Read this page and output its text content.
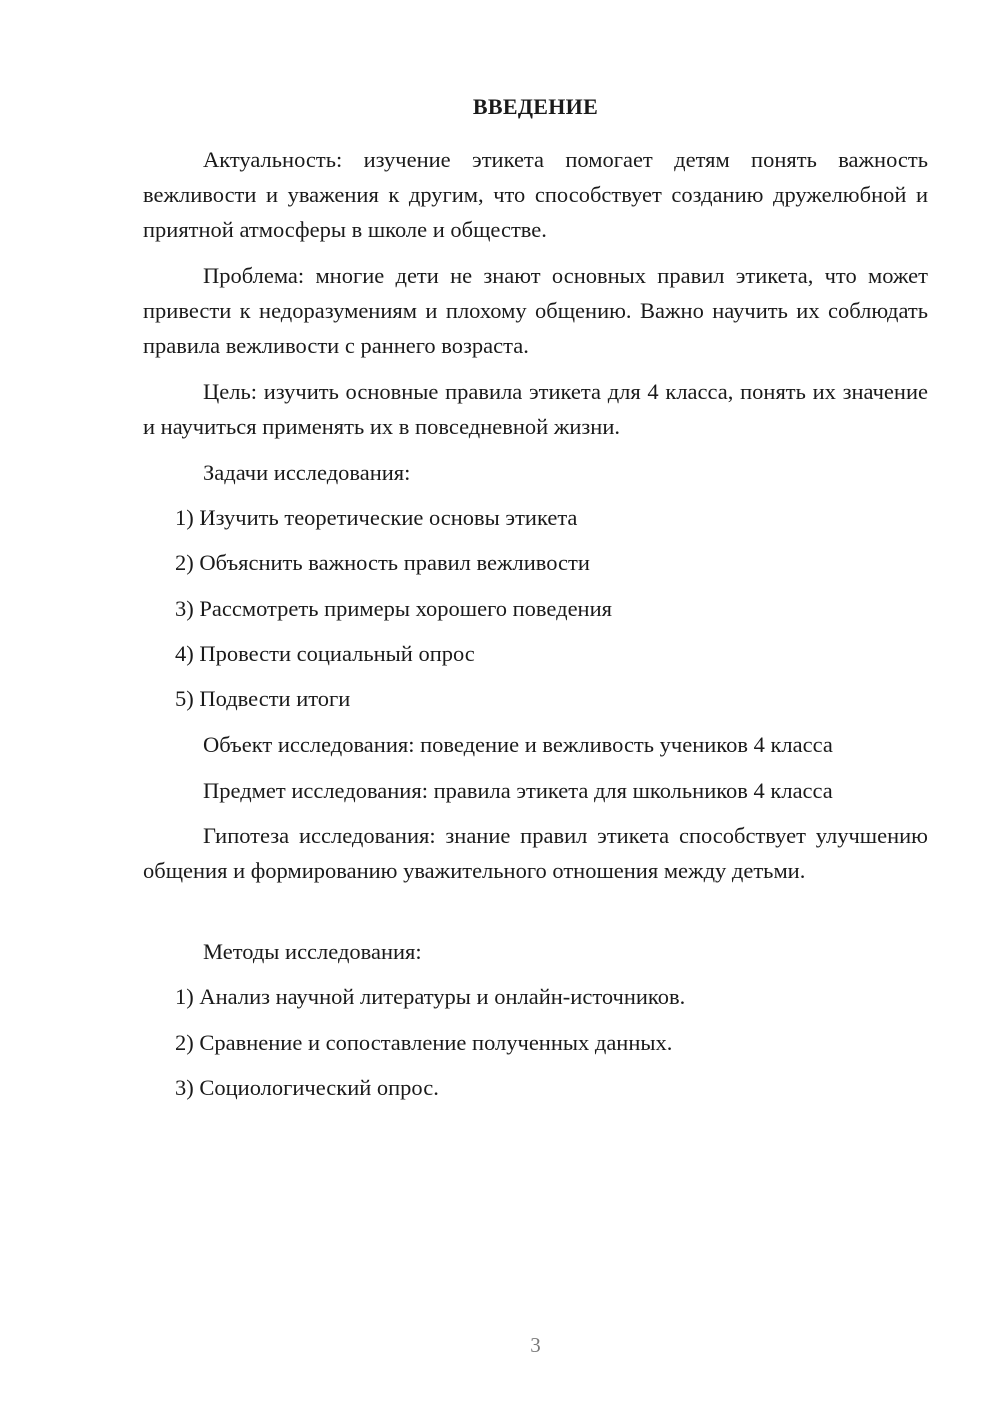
ВВЕДЕНИЕ

Актуальность: изучение этикета помогает детям понять важность вежливости и уважения к другим, что способствует созданию дружелюбной и приятной атмосферы в школе и обществе.

Проблема: многие дети не знают основных правил этикета, что может привести к недоразумениям и плохому общению. Важно научить их соблюдать правила вежливости с раннего возраста.

Цель: изучить основные правила этикета для 4 класса, понять их значение и научиться применять их в повседневной жизни.

Задачи исследования:

1) Изучить теоретические основы этикета

2) Объяснить важность правил вежливости

3) Рассмотреть примеры хорошего поведения

4) Провести социальный опрос

5) Подвести итоги

Объект исследования: поведение и вежливость учеников 4 класса

Предмет исследования: правила этикета для школьников 4 класса

Гипотеза исследования: знание правил этикета способствует улучшению общения и формированию уважительного отношения между детьми.

Методы исследования:

1) Анализ научной литературы и онлайн-источников.

2) Сравнение и сопоставление полученных данных.

3) Социологический опрос.

3
